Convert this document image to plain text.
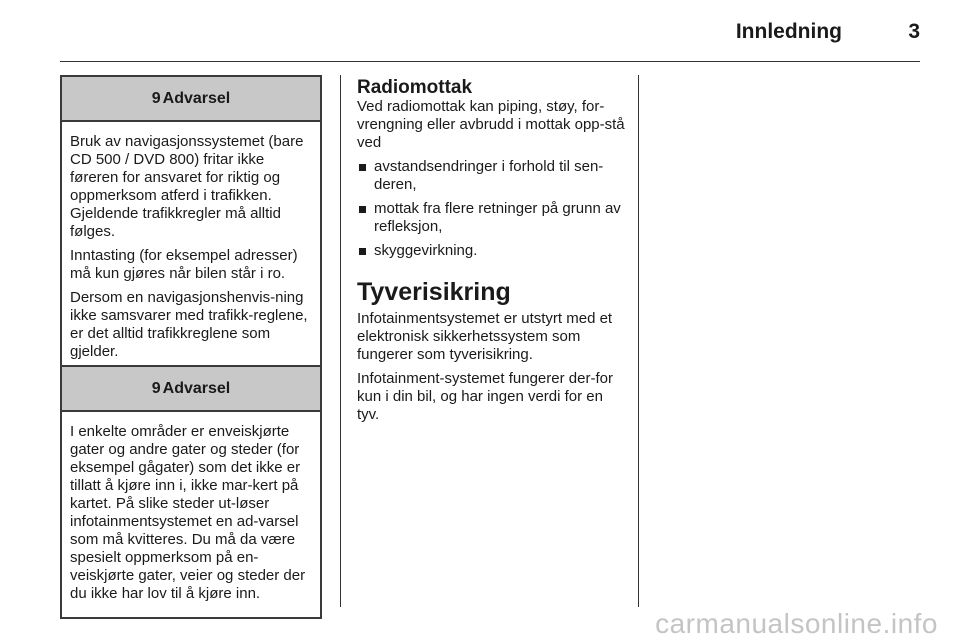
Innledning	3
9 Advarsel

Bruk av navigasjonssystemet (bare CD 500 / DVD 800) fritar ikke føreren for ansvaret for riktig og oppmerksom atferd i trafikken. Gjeldende trafikkregler må alltid følges.

Inntasting (for eksempel adresser) må kun gjøres når bilen står i ro.

Dersom en navigasjonshenvis-ning ikke samsvarer med trafikk-reglene, er det alltid trafikkreglene som gjelder.

9 Advarsel

I enkelte områder er enveiskjørte gater og andre gater og steder (for eksempel gågater) som det ikke er tillatt å kjøre inn i, ikke mar-kert på kartet. På slike steder ut-løser infotainmentsystemet en ad-varsel som må kvitteres. Du må da være spesielt oppmerksom på en-veiskjørte gater, veier og steder der du ikke har lov til å kjøre inn.

Radiomottak

Ved radiomottak kan piping, støy, for-vrengning eller avbrudd i mottak opp-stå ved

avstandsendringer i forhold til sen-deren,
mottak fra flere retninger på grunn av refleksjon,
skyggevirkning.
Tyverisikring

Infotainmentsystemet er utstyrt med et elektronisk sikkerhetssystem som fungerer som tyverisikring.

Infotainment-systemet fungerer der-for kun i din bil, og har ingen verdi for en tyv.

carmanualsonline.info
